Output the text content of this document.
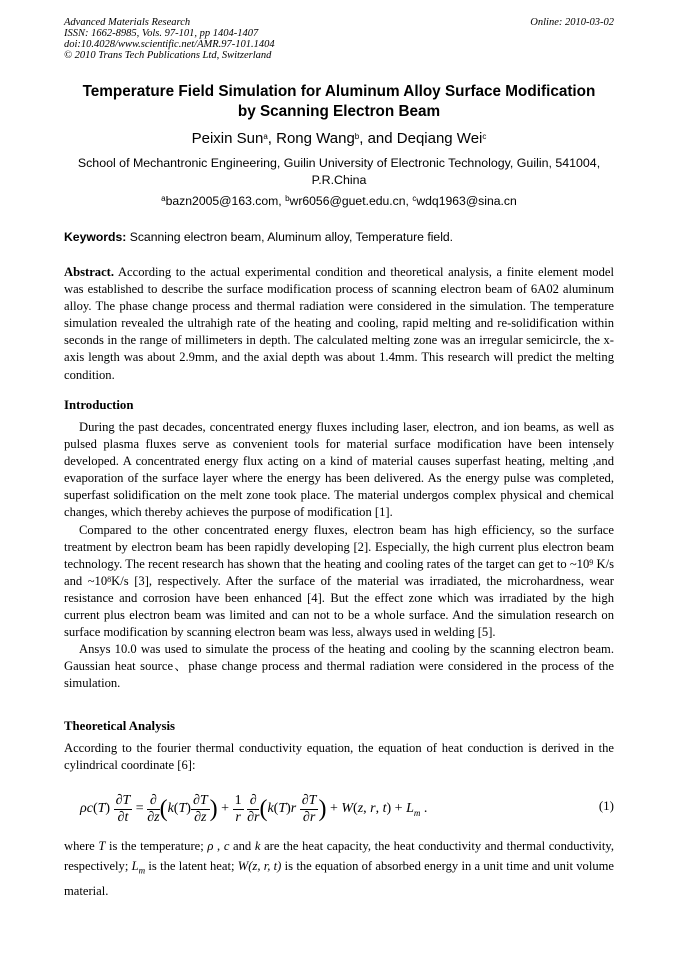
Advanced Materials Research
ISSN: 1662-8985, Vols. 97-101, pp 1404-1407
doi:10.4028/www.scientific.net/AMR.97-101.1404
© 2010 Trans Tech Publications Ltd, Switzerland
Online: 2010-03-02
Temperature Field Simulation for Aluminum Alloy Surface Modification
by Scanning Electron Beam
Peixin Sun$^a$, Rong Wang$^b$, and Deqiang Wei$^c$
School of Mechantronic Engineering, Guilin University of Electronic Technology, Guilin, 541004,
P.R.China
$^a$bazn2005@163.com, $^b$wr6056@guet.edu.cn, $^c$wdq1963@sina.cn
Keywords: Scanning electron beam, Aluminum alloy, Temperature field.

Abstract. According to the actual experimental condition and theoretical analysis, a finite element model was established to describe the surface modification process of scanning electron beam of 6A02 aluminum alloy. The phase change process and thermal radiation were considered in the simulation. The temperature simulation revealed the ultrahigh rate of the heating and cooling, rapid melting and re-solidification within seconds in the range of millimeters in depth. The calculated melting zone was an irregular semicircle, the x-axis length was about 2.9mm, and the axial depth was about 1.4mm. This research will predict the melting condition.

Introduction

During the past decades, concentrated energy fluxes including laser, electron, and ion beams, as well as pulsed plasma fluxes serve as convenient tools for material surface modification have been intensely developed. A concentrated energy flux acting on a kind of material causes superfast heating, melting ,and evaporation of the surface layer where the energy has been delivered. As the energy pulse was completed, superfast solidification on the melt zone took place. The material undergos complex physical and chemical changes, which thereby achieves the purpose of modification [1].

Compared to the other concentrated energy fluxes, electron beam has high efficiency, so the surface treatment by electron beam has been rapidly developing [2]. Especially, the high current plus electron beam technology. The recent research has shown that the heating and cooling rates of the target can get to $\sim 10^9$ K/s and $\sim 10^8K/s$ [3], respectively. After the surface of the material was irradiated, the microhardness, wear resistance and corrosion have been enhanced [4]. But the effect zone which was irradiated by the high current plus electron beam was limited and can not to be a whole surface. And the simulation research on surface modification by scanning electron beam was less, always used in welding [5].

Ansys 10.0 was used to simulate the process of the heating and cooling by the scanning electron beam. Gaussian heat source、phase change process and thermal radiation were considered in the process of the simulation.

Theoretical Analysis

According to the fourier thermal conductivity equation, the equation of heat conduction is derived in the cylindrical coordinate [6]:

$\rho c(T) \frac{\partial T}{\partial t}$ =
∂
∂z ($k(T) \frac{\partial T}{\partial z}$ ) + $\frac{1}{r}$
∂
∂r ($k(T)r \frac{\partial T}{\partial r}$ ) + W(z, r, $t) + L_m$ .	(1)

where T is the temperature; ρ , c and k are the heat capacity, the heat conductivity and thermal conductivity, respectively; $L_m$ is the latent heat; W(z, r, t) is the equation of absorbed energy in a unit time and unit volume material.
